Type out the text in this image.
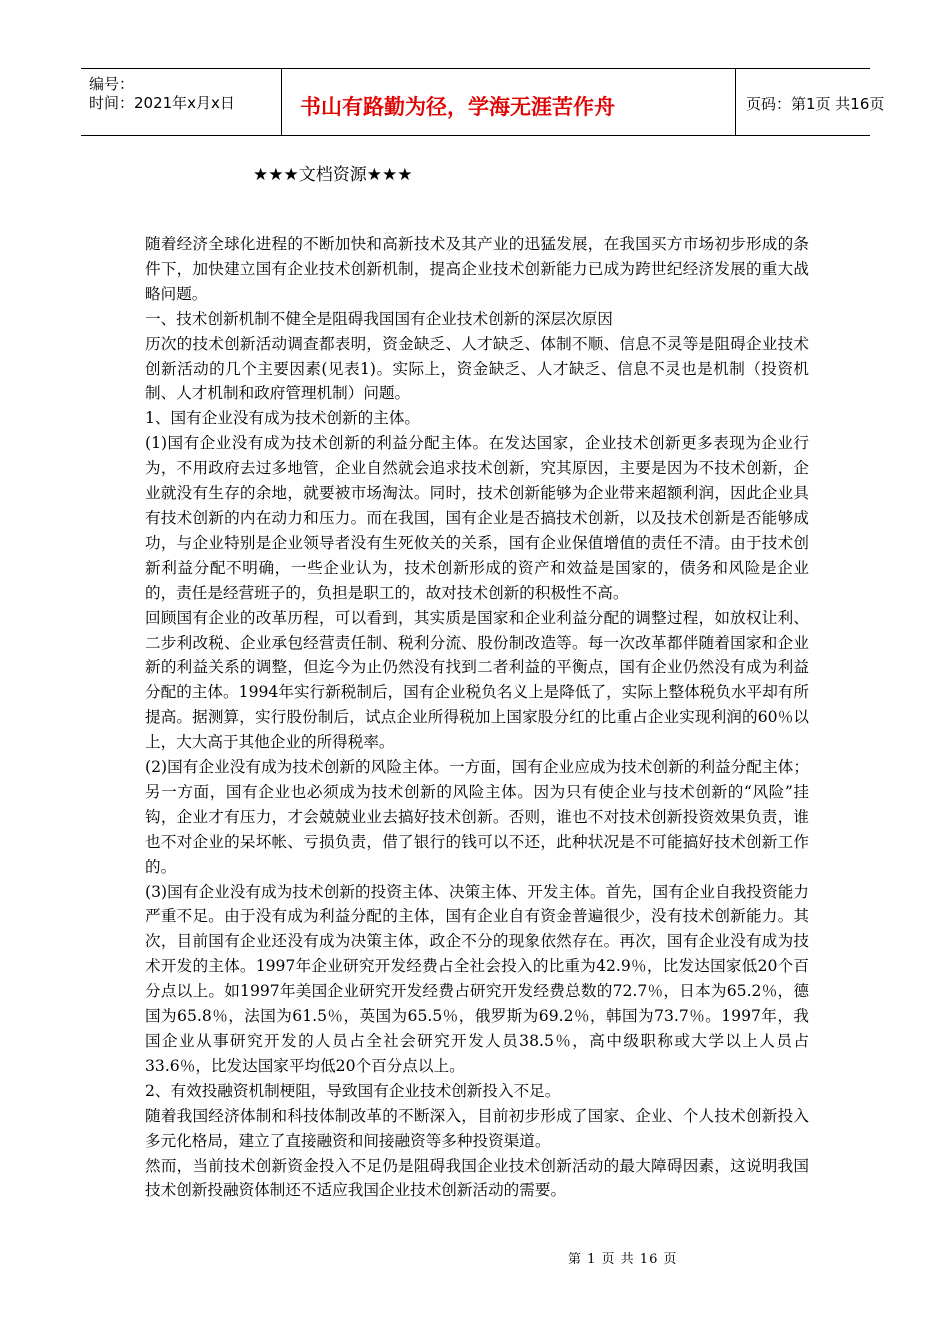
编号：
时间：2021年x月x日	书山有路勤为径，学海无涯苦作舟	页码：第1页 共16页
★★★文档资源★★★

随着经济全球化进程的不断加快和高新技术及其产业的迅猛发展，在我国买方市场初步形成的条件下，加快建立国有企业技术创新机制，提高企业技术创新能力已成为跨世纪经济发展的重大战略问题。

一、技术创新机制不健全是阻碍我国国有企业技术创新的深层次原因

历次的技术创新活动调查都表明，资金缺乏、人才缺乏、体制不顺、信息不灵等是阻碍企业技术创新活动的几个主要因素(见表1)。实际上，资金缺乏、人才缺乏、信息不灵也是机制（投资机制、人才机制和政府管理机制）问题。

1、国有企业没有成为技术创新的主体。

(1)国有企业没有成为技术创新的利益分配主体。在发达国家，企业技术创新更多表现为企业行为，不用政府去过多地管，企业自然就会追求技术创新，究其原因，主要是因为不技术创新，企业就没有生存的余地，就要被市场淘汰。同时，技术创新能够为企业带来超额利润，因此企业具有技术创新的内在动力和压力。而在我国，国有企业是否搞技术创新，以及技术创新是否能够成功，与企业特别是企业领导者没有生死攸关的关系，国有企业保值增值的责任不清。由于技术创新利益分配不明确，一些企业认为，技术创新形成的资产和效益是国家的，债务和风险是企业的，责任是经营班子的，负担是职工的，故对技术创新的积极性不高。

回顾国有企业的改革历程，可以看到，其实质是国家和企业利益分配的调整过程，如放权让利、二步利改税、企业承包经营责任制、税利分流、股份制改造等。每一次改革都伴随着国家和企业新的利益关系的调整，但迄今为止仍然没有找到二者利益的平衡点，国有企业仍然没有成为利益分配的主体。1994年实行新税制后，国有企业税负名义上是降低了，实际上整体税负水平却有所提高。据测算，实行股份制后，试点企业所得税加上国家股分红的比重占企业实现利润的60％以上，大大高于其他企业的所得税率。

(2)国有企业没有成为技术创新的风险主体。一方面，国有企业应成为技术创新的利益分配主体；另一方面，国有企业也必须成为技术创新的风险主体。因为只有使企业与技术创新的“风险”挂钩，企业才有压力，才会兢兢业业去搞好技术创新。否则，谁也不对技术创新投资效果负责，谁也不对企业的呆坏帐、亏损负责，借了银行的钱可以不还，此种状况是不可能搞好技术创新工作的。

(3)国有企业没有成为技术创新的投资主体、决策主体、开发主体。首先，国有企业自我投资能力严重不足。由于没有成为利益分配的主体，国有企业自有资金普遍很少，没有技术创新能力。其次，目前国有企业还没有成为决策主体，政企不分的现象依然存在。再次，国有企业没有成为技术开发的主体。1997年企业研究开发经费占全社会投入的比重为42.9％，比发达国家低20个百分点以上。如1997年美国企业研究开发经费占研究开发经费总数的72.7％，日本为65.2％，德国为65.8％，法国为61.5％，英国为65.5％，俄罗斯为69.2％，韩国为73.7％。1997年，我国企业从事研究开发的人员占全社会研究开发人员38.5％，高中级职称或大学以上人员占33.6％，比发达国家平均低20个百分点以上。

2、有效投融资机制梗阻，导致国有企业技术创新投入不足。

随着我国经济体制和科技体制改革的不断深入，目前初步形成了国家、企业、个人技术创新投入多元化格局，建立了直接融资和间接融资等多种投资渠道。

然而，当前技术创新资金投入不足仍是阻碍我国企业技术创新活动的最大障碍因素，这说明我国技术创新投融资体制还不适应我国企业技术创新活动的需要。

第 1 页 共 16 页
